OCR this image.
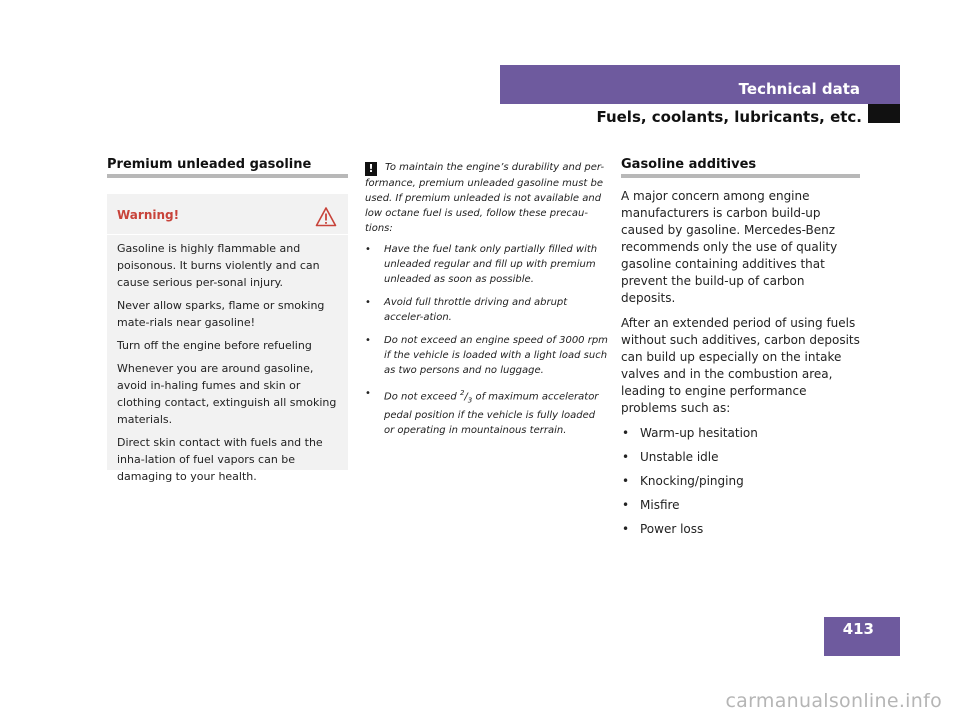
Technical data
Fuels, coolants, lubricants, etc.
Premium unleaded gasoline
Warning!

Gasoline is highly flammable and poisonous. It burns violently and can cause serious per-sonal injury.

Never allow sparks, flame or smoking mate-rials near gasoline!

Turn off the engine before refueling

Whenever you are around gasoline, avoid in-haling fumes and skin or clothing contact, extinguish all smoking materials.

Direct skin contact with fuels and the inha-lation of fuel vapors can be damaging to your health.

! To maintain the engine’s durability and per-formance, premium unleaded gasoline must be used. If premium unleaded is not available and low octane fuel is used, follow these precau-tions:
• Have the fuel tank only partially filled with unleaded regular and fill up with premium unleaded as soon as possible.
• Avoid full throttle driving and abrupt acceler-ation.
• Do not exceed an engine speed of 3000 rpm if the vehicle is loaded with a light load such as two persons and no luggage.
• Do not exceed $^2/_3$ of maximum accelerator pedal position if the vehicle is fully loaded or operating in mountainous terrain.
Gasoline additives

A major concern among engine manufacturers is carbon build-up caused by gasoline. Mercedes-Benz recommends only the use of quality gasoline containing additives that prevent the build-up of carbon deposits.

After an extended period of using fuels without such additives, carbon deposits can build up especially on the intake valves and in the combustion area, leading to engine performance problems such as:

• Warm-up hesitation
• Unstable idle
• Knocking/pinging
• Misfire
• Power loss
413
carmanualsonline.info
